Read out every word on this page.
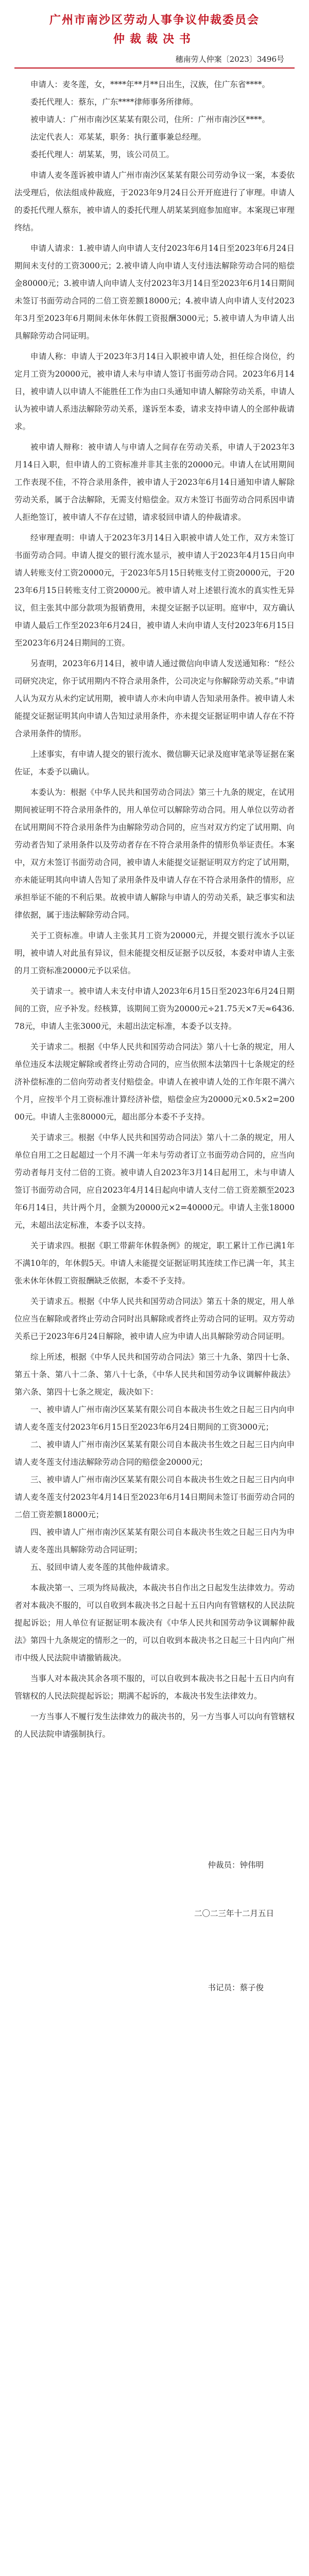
广州市南沙区劳动人事争议仲裁委员会
仲裁裁决书
穗南劳人仲案〔2023〕3496号

申请人：麦冬莲，女，****年**月**日出生，汉族，住广东省****。

委托代理人：蔡东，广东****律师事务所律师。

被申请人：广州市南沙区某某有限公司，住所：广州市南沙区****。

法定代表人：邓某某，职务：执行董事兼总经理。

委托代理人：胡某某，男，该公司员工。

申请人麦冬莲诉被申请人广州市南沙区某某有限公司劳动争议一案，本委依法受理后，依法组成仲裁庭，于2023年9月24日公开开庭进行了审理。申请人的委托代理人蔡东，被申请人的委托代理人胡某某到庭参加庭审。本案现已审理终结。

申请人请求：1.被申请人向申请人支付2023年6月14日至2023年6月24日期间未支付的工资3000元；2.被申请人向申请人支付违法解除劳动合同的赔偿金80000元；3.被申请人向申请人支付2023年3月14日至2023年6月14日期间未签订书面劳动合同的二倍工资差额18000元；4.被申请人向申请人支付2023年3月至2023年6月期间未休年休假工资报酬3000元；5.被申请人为申请人出具解除劳动合同证明。

申请人称：申请人于2023年3月14日入职被申请人处，担任综合岗位，约定月工资为20000元，被申请人未与申请人签订书面劳动合同。2023年6月14日，被申请人以申请人不能胜任工作为由口头通知申请人解除劳动关系，申请人认为被申请人系违法解除劳动关系，遂诉至本委，请求支持申请人的全部仲裁请求。

被申请人辩称：被申请人与申请人之间存在劳动关系，申请人于2023年3月14日入职，但申请人的工资标准并非其主张的20000元。申请人在试用期间工作表现不佳，不符合录用条件，被申请人于2023年6月14日通知申请人解除劳动关系，属于合法解除，无需支付赔偿金。双方未签订书面劳动合同系因申请人拒绝签订，被申请人不存在过错，请求驳回申请人的仲裁请求。

经审理查明：申请人于2023年3月14日入职被申请人处工作，双方未签订书面劳动合同。申请人提交的银行流水显示，被申请人于2023年4月15日向申请人转账支付工资20000元，于2023年5月15日转账支付工资20000元，于2023年6月15日转账支付工资20000元。被申请人对上述银行流水的真实性无异议，但主张其中部分款项为报销费用，未提交证据予以证明。庭审中，双方确认申请人最后工作至2023年6月24日，被申请人未向申请人支付2023年6月15日至2023年6月24日期间的工资。

另查明，2023年6月14日，被申请人通过微信向申请人发送通知称：“经公司研究决定，你于试用期内不符合录用条件，公司决定与你解除劳动关系。”申请人认为双方从未约定试用期，被申请人亦未向申请人告知录用条件。被申请人未能提交证据证明其向申请人告知过录用条件，亦未提交证据证明申请人存在不符合录用条件的情形。

上述事实，有申请人提交的银行流水、微信聊天记录及庭审笔录等证据在案佐证，本委予以确认。

本委认为：根据《中华人民共和国劳动合同法》第三十九条的规定，在试用期间被证明不符合录用条件的，用人单位可以解除劳动合同。用人单位以劳动者在试用期间不符合录用条件为由解除劳动合同的，应当对双方约定了试用期、向劳动者告知了录用条件以及劳动者存在不符合录用条件的情形负举证责任。本案中，双方未签订书面劳动合同，被申请人未能提交证据证明双方约定了试用期，亦未能证明其向申请人告知了录用条件及申请人存在不符合录用条件的情形，应承担举证不能的不利后果。故被申请人解除与申请人的劳动关系，缺乏事实和法律依据，属于违法解除劳动合同。

关于工资标准。申请人主张其月工资为20000元，并提交银行流水予以证明，被申请人对此虽有异议，但未能提交相反证据予以反驳，本委对申请人主张的月工资标准20000元予以采信。

关于请求一。被申请人未支付申请人2023年6月15日至2023年6月24日期间的工资，应予补发。经核算，该期间工资为20000元÷21.75天×7天≈6436.78元，申请人主张3000元，未超出法定标准，本委予以支持。

关于请求二。根据《中华人民共和国劳动合同法》第八十七条的规定，用人单位违反本法规定解除或者终止劳动合同的，应当依照本法第四十七条规定的经济补偿标准的二倍向劳动者支付赔偿金。申请人在被申请人处的工作年限不满六个月，应按半个月工资标准计算经济补偿，赔偿金应为20000元×0.5×2=20000元。申请人主张80000元，超出部分本委不予支持。

关于请求三。根据《中华人民共和国劳动合同法》第八十二条的规定，用人单位自用工之日起超过一个月不满一年未与劳动者订立书面劳动合同的，应当向劳动者每月支付二倍的工资。被申请人自2023年3月14日起用工，未与申请人签订书面劳动合同，应自2023年4月14日起向申请人支付二倍工资差额至2023年6月14日，共计两个月，金额为20000元×2=40000元。申请人主张18000元，未超出法定标准，本委予以支持。

关于请求四。根据《职工带薪年休假条例》的规定，职工累计工作已满1年不满10年的，年休假5天。申请人未能提交证据证明其连续工作已满一年，其主张未休年休假工资报酬缺乏依据，本委不予支持。

关于请求五。根据《中华人民共和国劳动合同法》第五十条的规定，用人单位应当在解除或者终止劳动合同时出具解除或者终止劳动合同的证明。双方劳动关系已于2023年6月24日解除，被申请人应为申请人出具解除劳动合同证明。

综上所述，根据《中华人民共和国劳动合同法》第三十九条、第四十七条、第五十条、第八十二条、第八十七条，《中华人民共和国劳动争议调解仲裁法》第六条、第四十七条之规定，裁决如下：

一、被申请人广州市南沙区某某有限公司自本裁决书生效之日起三日内向申请人麦冬莲支付2023年6月15日至2023年6月24日期间的工资3000元；

二、被申请人广州市南沙区某某有限公司自本裁决书生效之日起三日内向申请人麦冬莲支付违法解除劳动合同的赔偿金20000元；

三、被申请人广州市南沙区某某有限公司自本裁决书生效之日起三日内向申请人麦冬莲支付2023年4月14日至2023年6月14日期间未签订书面劳动合同的二倍工资差额18000元；

四、被申请人广州市南沙区某某有限公司自本裁决书生效之日起三日内为申请人麦冬莲出具解除劳动合同证明；

五、驳回申请人麦冬莲的其他仲裁请求。

本裁决第一、三项为终局裁决，本裁决书自作出之日起发生法律效力。劳动者对本裁决不服的，可以自收到本裁决书之日起十五日内向有管辖权的人民法院提起诉讼；用人单位有证据证明本裁决有《中华人民共和国劳动争议调解仲裁法》第四十九条规定的情形之一的，可以自收到本裁决书之日起三十日内向广州市中级人民法院申请撤销裁决。

当事人对本裁决其余各项不服的，可以自收到本裁决书之日起十五日内向有管辖权的人民法院提起诉讼；期满不起诉的，本裁决书发生法律效力。

一方当事人不履行发生法律效力的裁决书的，另一方当事人可以向有管辖权的人民法院申请强制执行。

仲裁员：钟伟明
二〇二三年十二月五日
书记员：蔡子俊
